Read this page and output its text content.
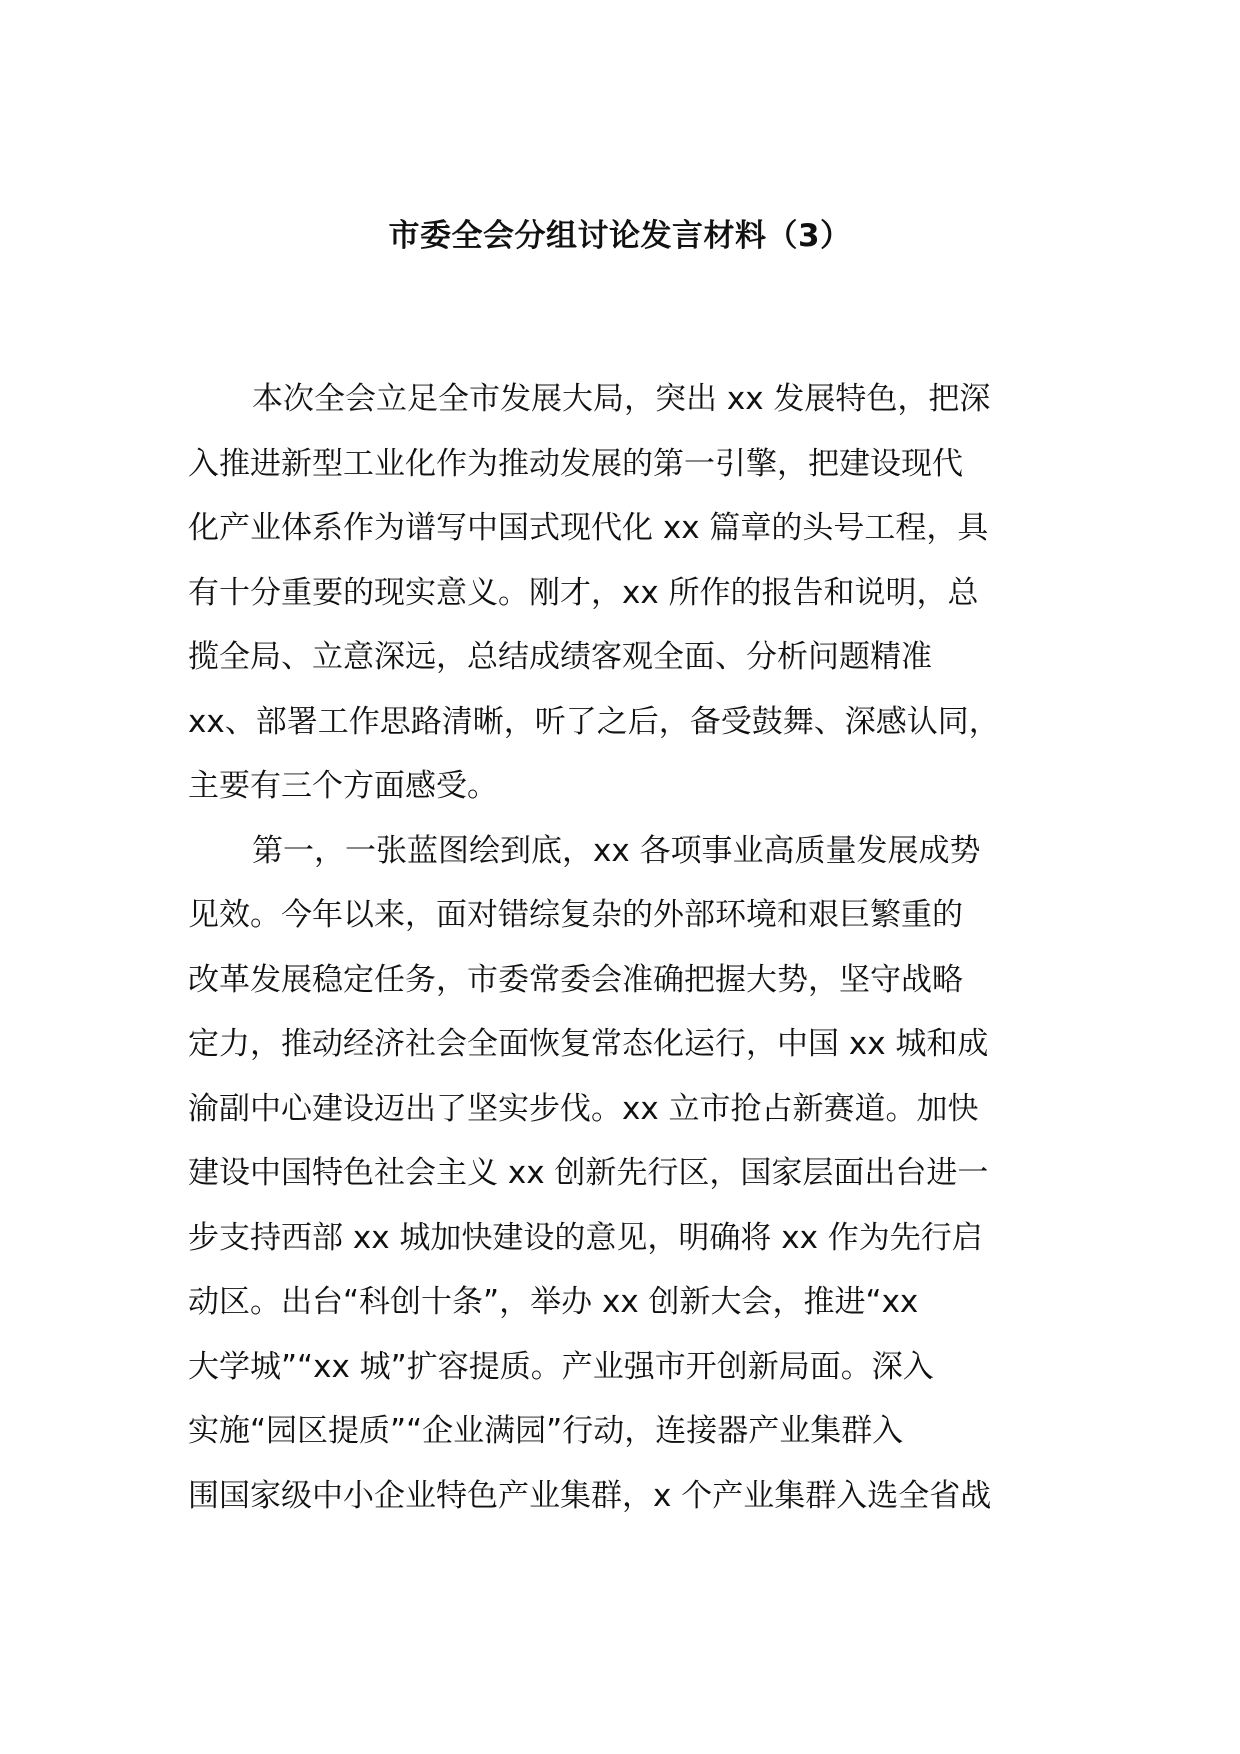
市委全会分组讨论发言材料（3）
本次全会立足全市发展大局，突出 xx 发展特色，把深
入推进新型工业化作为推动发展的第一引擎，把建设现代
化产业体系作为谱写中国式现代化 xx 篇章的头号工程，具
有十分重要的现实意义。刚才，xx 所作的报告和说明，总
揽全局、立意深远，总结成绩客观全面、分析问题精准
xx、部署工作思路清晰，听了之后，备受鼓舞、深感认同，
主要有三个方面感受。
第一，一张蓝图绘到底，xx 各项事业高质量发展成势
见效。今年以来，面对错综复杂的外部环境和艰巨繁重的
改革发展稳定任务，市委常委会准确把握大势，坚守战略
定力，推动经济社会全面恢复常态化运行，中国 xx 城和成
渝副中心建设迈出了坚实步伐。xx 立市抢占新赛道。加快
建设中国特色社会主义 xx 创新先行区，国家层面出台进一
步支持西部 xx 城加快建设的意见，明确将 xx 作为先行启
动区。出台“科创十条”，举办 xx 创新大会，推进“xx
大学城”“xx 城”扩容提质。产业强市开创新局面。深入
实施“园区提质”“企业满园”行动，连接器产业集群入
围国家级中小企业特色产业集群，x 个产业集群入选全省战
